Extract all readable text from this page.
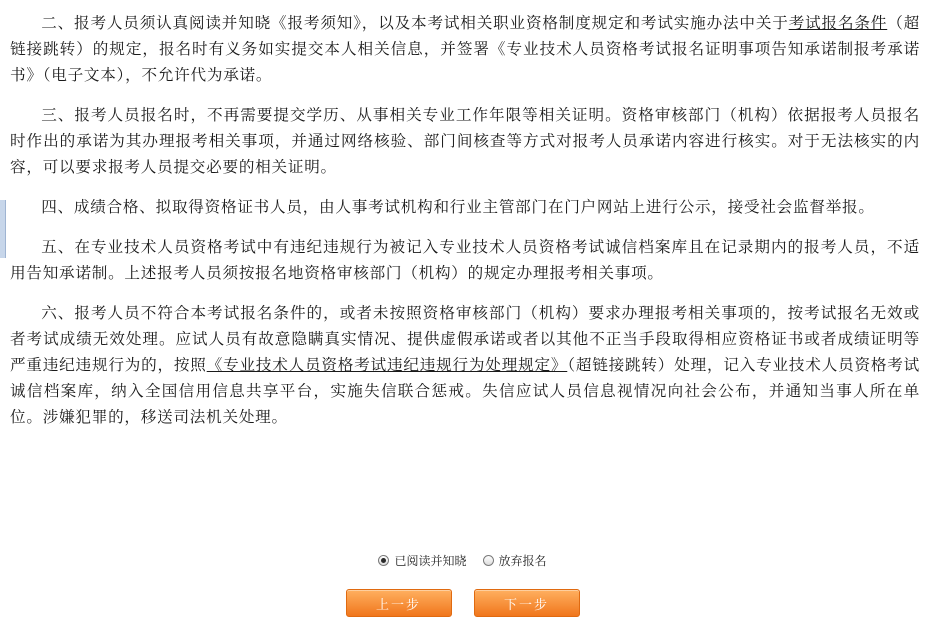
二、报考人员须认真阅读并知晓《报考须知》，以及本考试相关职业资格制度规定和考试实施办法中关于考试报名条件（超链接跳转）的规定，报名时有义务如实提交本人相关信息，并签署《专业技术人员资格考试报名证明事项告知承诺制报考承诺书》（电子文本），不允许代为承诺。

三、报考人员报名时，不再需要提交学历、从事相关专业工作年限等相关证明。资格审核部门（机构）依据报考人员报名时作出的承诺为其办理报考相关事项，并通过网络核验、部门间核查等方式对报考人员承诺内容进行核实。对于无法核实的内容，可以要求报考人员提交必要的相关证明。

四、成绩合格、拟取得资格证书人员，由人事考试机构和行业主管部门在门户网站上进行公示，接受社会监督举报。

五、在专业技术人员资格考试中有违纪违规行为被记入专业技术人员资格考试诚信档案库且在记录期内的报考人员，不适用告知承诺制。上述报考人员须按报名地资格审核部门（机构）的规定办理报考相关事项。

六、报考人员不符合本考试报名条件的，或者未按照资格审核部门（机构）要求办理报考相关事项的，按考试报名无效或者考试成绩无效处理。应试人员有故意隐瞒真实情况、提供虚假承诺或者以其他不正当手段取得相应资格证书或者成绩证明等严重违纪违规行为的，按照《专业技术人员资格考试违纪违规行为处理规定》（超链接跳转）处理，记入专业技术人员资格考试诚信档案库，纳入全国信用信息共享平台，实施失信联合惩戒。失信应试人员信息视情况向社会公布，并通知当事人所在单位。涉嫌犯罪的，移送司法机关处理。

已阅读并知晓	放弃报名
上一步	下一步
